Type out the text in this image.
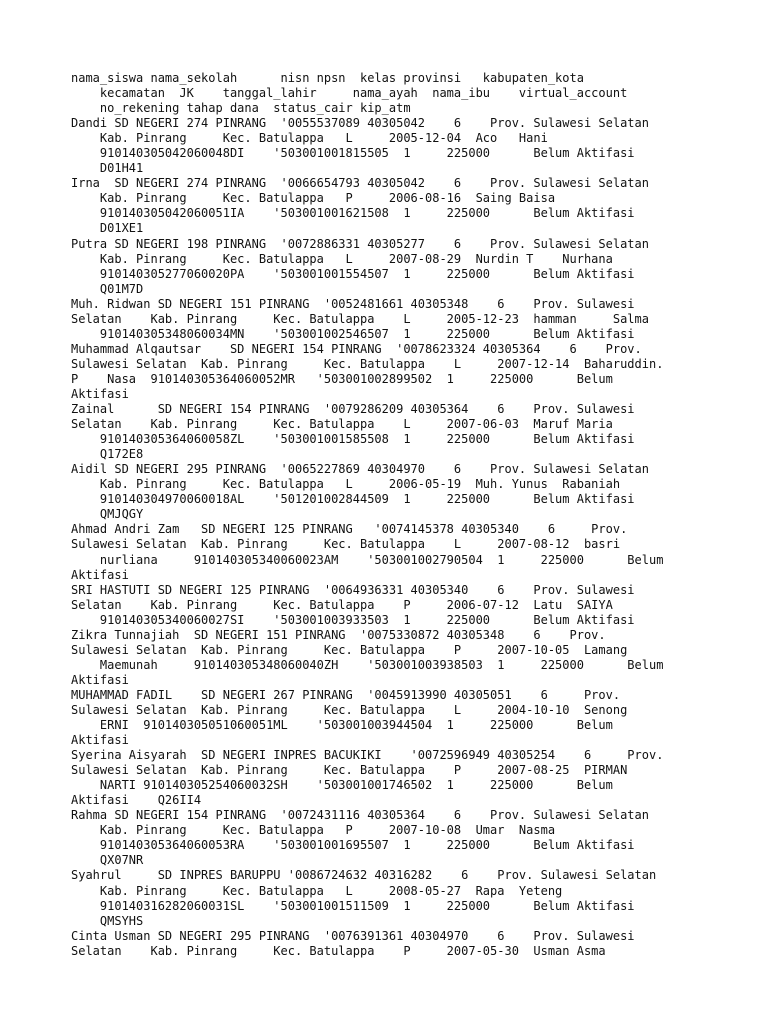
nama_siswa nama_sekolah      nisn npsn  kelas provinsi   kabupaten_kota
kecamatan  JK    tanggal_lahir     nama_ayah  nama_ibu    virtual_account
no_rekening tahap dana  status_cair kip_atm
Dandi SD NEGERI 274 PINRANG  '0055537089 40305042    6    Prov. Sulawesi Selatan
Kab. Pinrang     Kec. Batulappa   L     2005-12-04  Aco   Hani
910140305042060048DI    '503001001815505  1     225000      Belum Aktifasi
D01H41
Irna  SD NEGERI 274 PINRANG  '0066654793 40305042    6    Prov. Sulawesi Selatan
Kab. Pinrang     Kec. Batulappa   P     2006-08-16  Saing Baisa
910140305042060051IA    '503001001621508  1     225000      Belum Aktifasi
D01XE1
Putra SD NEGERI 198 PINRANG  '0072886331 40305277    6    Prov. Sulawesi Selatan
Kab. Pinrang     Kec. Batulappa   L     2007-08-29  Nurdin T    Nurhana
910140305277060020PA    '503001001554507  1     225000      Belum Aktifasi
Q01M7D
Muh. Ridwan SD NEGERI 151 PINRANG  '0052481661 40305348    6    Prov. Sulawesi
Selatan    Kab. Pinrang     Kec. Batulappa    L     2005-12-23  hamman     Salma
910140305348060034MN    '503001002546507  1     225000      Belum Aktifasi
Muhammad Alqautsar    SD NEGERI 154 PINRANG  '0078623324 40305364    6    Prov.
Sulawesi Selatan  Kab. Pinrang     Kec. Batulappa    L     2007-12-14  Baharuddin.
P    Nasa  910140305364060052MR   '503001002899502  1     225000      Belum
Aktifasi
Zainal      SD NEGERI 154 PINRANG  '0079286209 40305364    6    Prov. Sulawesi
Selatan    Kab. Pinrang     Kec. Batulappa    L     2007-06-03  Maruf Maria
910140305364060058ZL    '503001001585508  1     225000      Belum Aktifasi
Q172E8
Aidil SD NEGERI 295 PINRANG  '0065227869 40304970    6    Prov. Sulawesi Selatan
Kab. Pinrang     Kec. Batulappa   L     2006-05-19  Muh. Yunus  Rabaniah
910140304970060018AL    '501201002844509  1     225000      Belum Aktifasi
QMJQGY
Ahmad Andri Zam   SD NEGERI 125 PINRANG   '0074145378 40305340    6     Prov.
Sulawesi Selatan  Kab. Pinrang     Kec. Batulappa    L     2007-08-12  basri
nurliana     910140305340060023AM    '503001002790504  1     225000      Belum
Aktifasi
SRI HASTUTI SD NEGERI 125 PINRANG  '0064936331 40305340    6    Prov. Sulawesi
Selatan    Kab. Pinrang     Kec. Batulappa    P     2006-07-12  Latu  SAIYA
910140305340060027SI    '503001003933503  1     225000      Belum Aktifasi
Zikra Tunnajiah  SD NEGERI 151 PINRANG  '0075330872 40305348    6    Prov.
Sulawesi Selatan  Kab. Pinrang     Kec. Batulappa    P     2007-10-05  Lamang
Maemunah     910140305348060040ZH    '503001003938503  1     225000      Belum
Aktifasi
MUHAMMAD FADIL    SD NEGERI 267 PINRANG  '0045913990 40305051    6     Prov.
Sulawesi Selatan  Kab. Pinrang     Kec. Batulappa    L     2004-10-10  Senong
ERNI  910140305051060051ML    '503001003944504  1     225000      Belum
Aktifasi
Syerina Aisyarah  SD NEGERI INPRES BACUKIKI    '0072596949 40305254    6     Prov.
Sulawesi Selatan  Kab. Pinrang     Kec. Batulappa    P     2007-08-25  PIRMAN
NARTI 910140305254060032SH    '503001001746502  1     225000      Belum
Aktifasi    Q26II4
Rahma SD NEGERI 154 PINRANG  '0072431116 40305364    6    Prov. Sulawesi Selatan
Kab. Pinrang     Kec. Batulappa   P     2007-10-08  Umar  Nasma
910140305364060053RA    '503001001695507  1     225000      Belum Aktifasi
QX07NR
Syahrul     SD INPRES BARUPPU '0086724632 40316282    6    Prov. Sulawesi Selatan
Kab. Pinrang     Kec. Batulappa   L     2008-05-27  Rapa  Yeteng
910140316282060031SL    '503001001511509  1     225000      Belum Aktifasi
QMSYHS
Cinta Usman SD NEGERI 295 PINRANG  '0076391361 40304970    6    Prov. Sulawesi
Selatan    Kab. Pinrang     Kec. Batulappa    P     2007-05-30  Usman Asma
